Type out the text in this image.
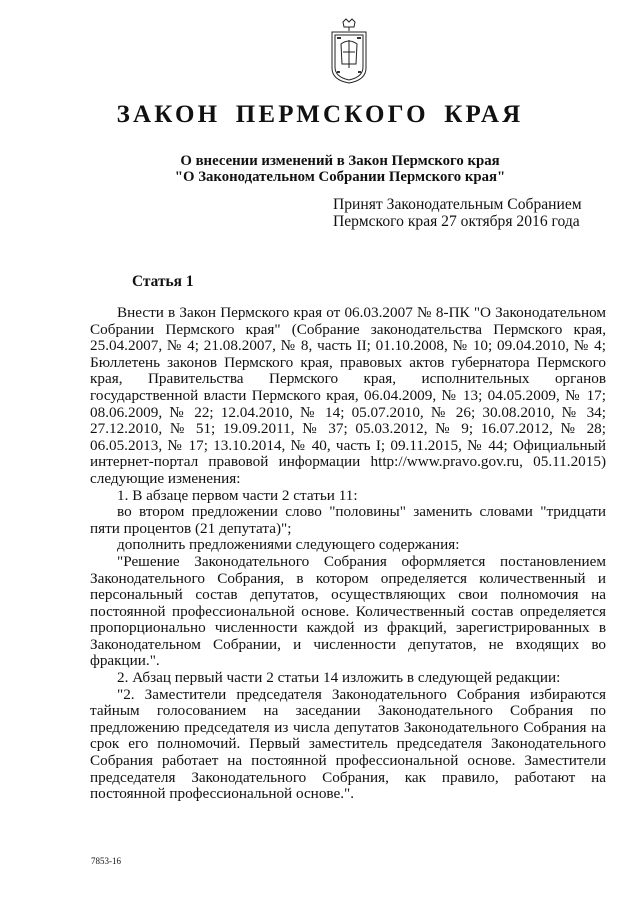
ЗАКОН ПЕРМСКОГО КРАЯ
О внесении изменений в Закон Пермского края
"О Законодательном Собрании Пермского края"
Принят Законодательным Собранием
Пермского края 27 октября 2016 года
Статья 1

Внести в Закон Пермского края от 06.03.2007 № 8-ПК "О Законодательном Собрании Пермского края" (Собрание законодательства Пермского края, 25.04.2007, № 4; 21.08.2007, № 8, часть II; 01.10.2008, № 10; 09.04.2010, № 4; Бюллетень законов Пермского края, правовых актов губернатора Пермского края, Правительства Пермского края, исполнительных органов государственной власти Пермского края, 06.04.2009, № 13; 04.05.2009, № 17; 08.06.2009, № 22; 12.04.2010, № 14; 05.07.2010, № 26; 30.08.2010, № 34; 27.12.2010, № 51; 19.09.2011, № 37; 05.03.2012, № 9; 16.07.2012, № 28; 06.05.2013, № 17; 13.10.2014, № 40, часть I; 09.11.2015, № 44; Официальный интернет-портал правовой информации http://www.pravo.gov.ru, 05.11.2015) следующие изменения:

1. В абзаце первом части 2 статьи 11:

во втором предложении слово "половины" заменить словами "тридцати пяти процентов (21 депутата)";

дополнить предложениями следующего содержания:

"Решение Законодательного Собрания оформляется постановлением Законодательного Собрания, в котором определяется количественный и персональный состав депутатов, осуществляющих свои полномочия на постоянной профессиональной основе. Количественный состав определяется пропорционально численности каждой из фракций, зарегистрированных в Законодательном Собрании, и численности депутатов, не входящих во фракции.".

2. Абзац первый части 2 статьи 14 изложить в следующей редакции:

"2. Заместители председателя Законодательного Собрания избираются тайным голосованием на заседании Законодательного Собрания по предложению председателя из числа депутатов Законодательного Собрания на срок его полномочий. Первый заместитель председателя Законодательного Собрания работает на постоянной профессиональной основе. Заместители председателя Законодательного Собрания, как правило, работают на постоянной профессиональной основе.".

7853-16
